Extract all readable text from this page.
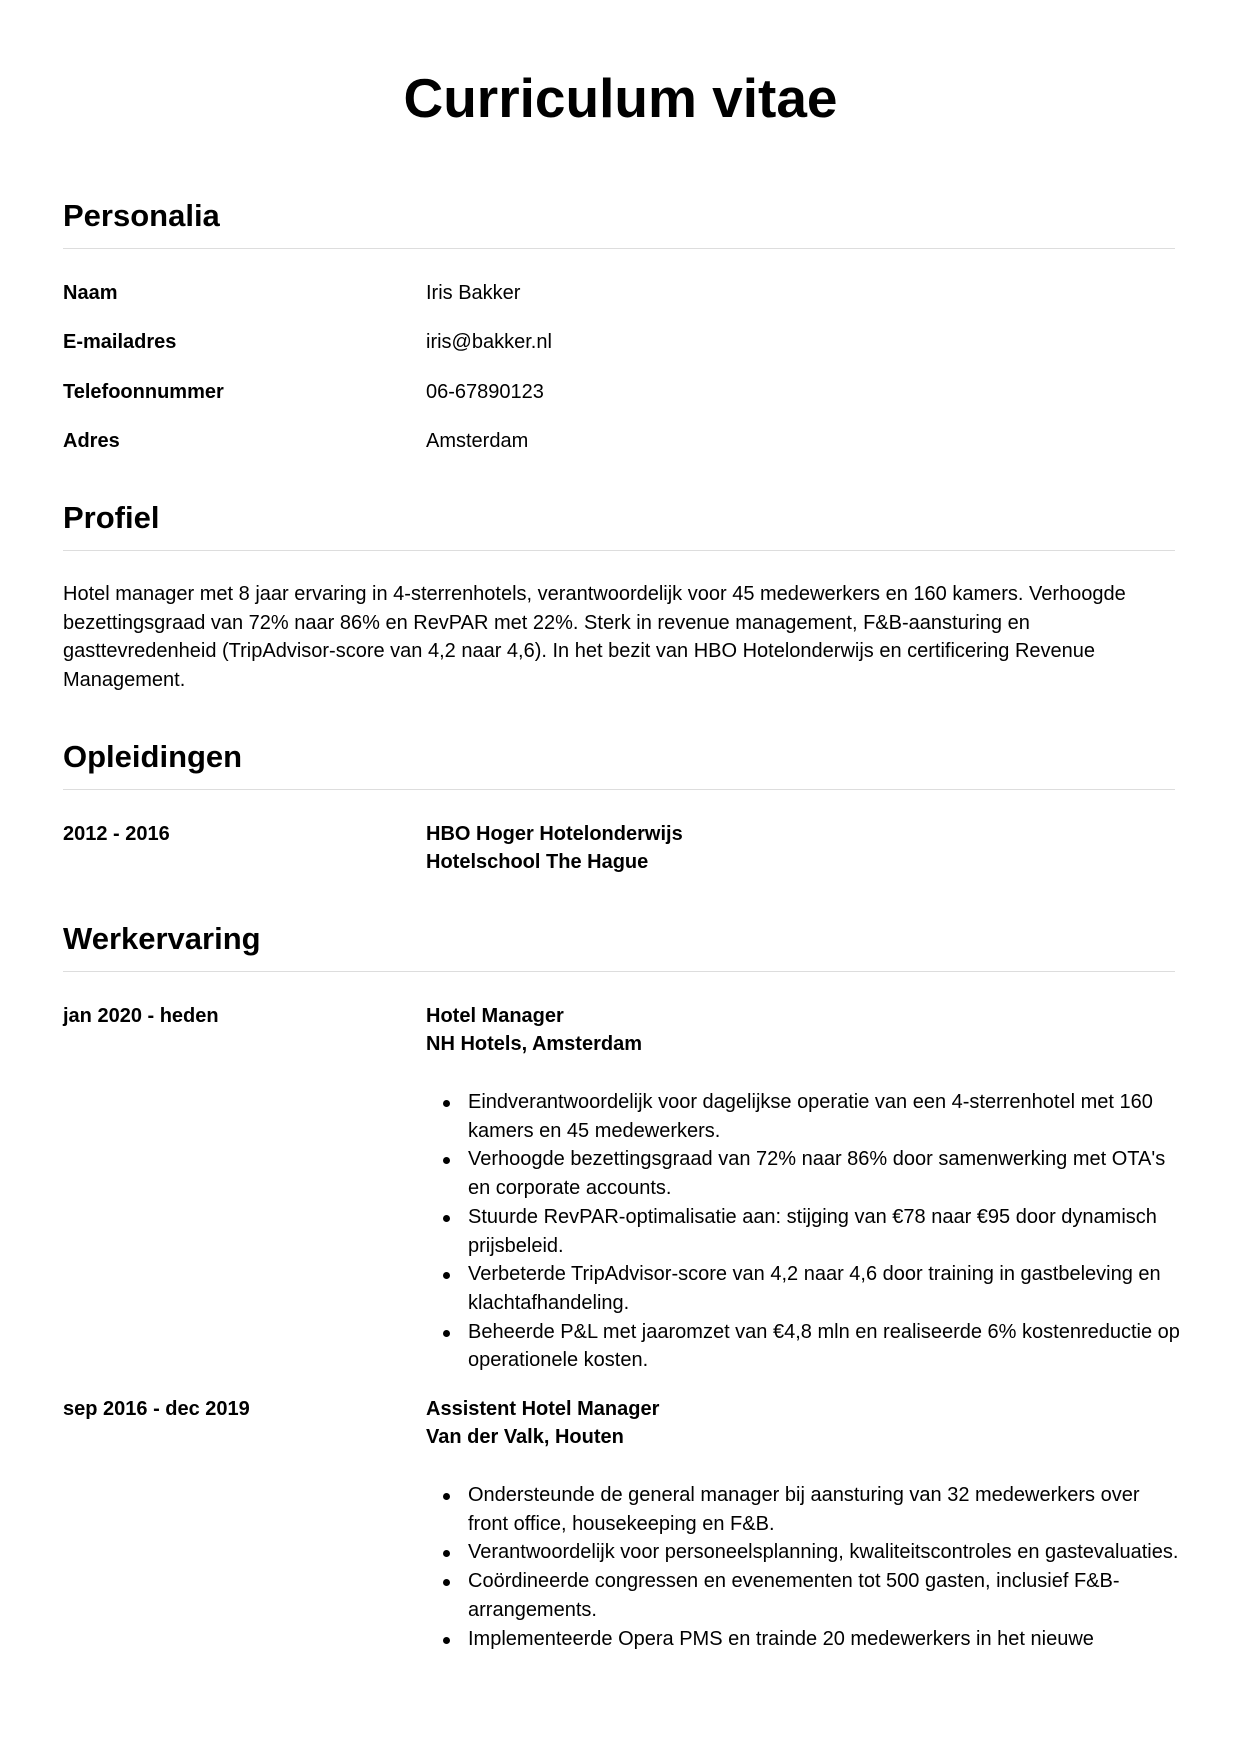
Curriculum vitae
Personalia
Naam	Iris Bakker
E-mailadres	iris@bakker.nl
Telefoonnummer	06-67890123
Adres	Amsterdam
Profiel

Hotel manager met 8 jaar ervaring in 4-sterrenhotels, verantwoordelijk voor 45 medewerkers en 160 kamers. Verhoogde bezettingsgraad van 72% naar 86% en RevPAR met 22%. Sterk in revenue management, F&B-aansturing en gasttevredenheid (TripAdvisor-score van 4,2 naar 4,6). In het bezit van HBO Hotelonderwijs en certificering Revenue Management.

Opleidingen
2012 - 2016	HBO Hoger Hotelonderwijs
Hotelschool The Hague
Werkervaring
jan 2020 - heden	Hotel Manager
NH Hotels, Amsterdam
Eindverantwoordelijk voor dagelijkse operatie van een 4-sterrenhotel met 160 kamers en 45 medewerkers.
Verhoogde bezettingsgraad van 72% naar 86% door samenwerking met OTA's en corporate accounts.
Stuurde RevPAR-optimalisatie aan: stijging van €78 naar €95 door dynamisch prijsbeleid.
Verbeterde TripAdvisor-score van 4,2 naar 4,6 door training in gastbeleving en klachtafhandeling.
Beheerde P&L met jaaromzet van €4,8 mln en realiseerde 6% kostenreductie op operationele kosten.
sep 2016 - dec 2019	Assistent Hotel Manager
Van der Valk, Houten
Ondersteunde de general manager bij aansturing van 32 medewerkers over front office, housekeeping en F&B.
Verantwoordelijk voor personeelsplanning, kwaliteitscontroles en gastevaluaties.
Coördineerde congressen en evenementen tot 500 gasten, inclusief F&B-arrangements.
Implementeerde Opera PMS en trainde 20 medewerkers in het nieuwe
